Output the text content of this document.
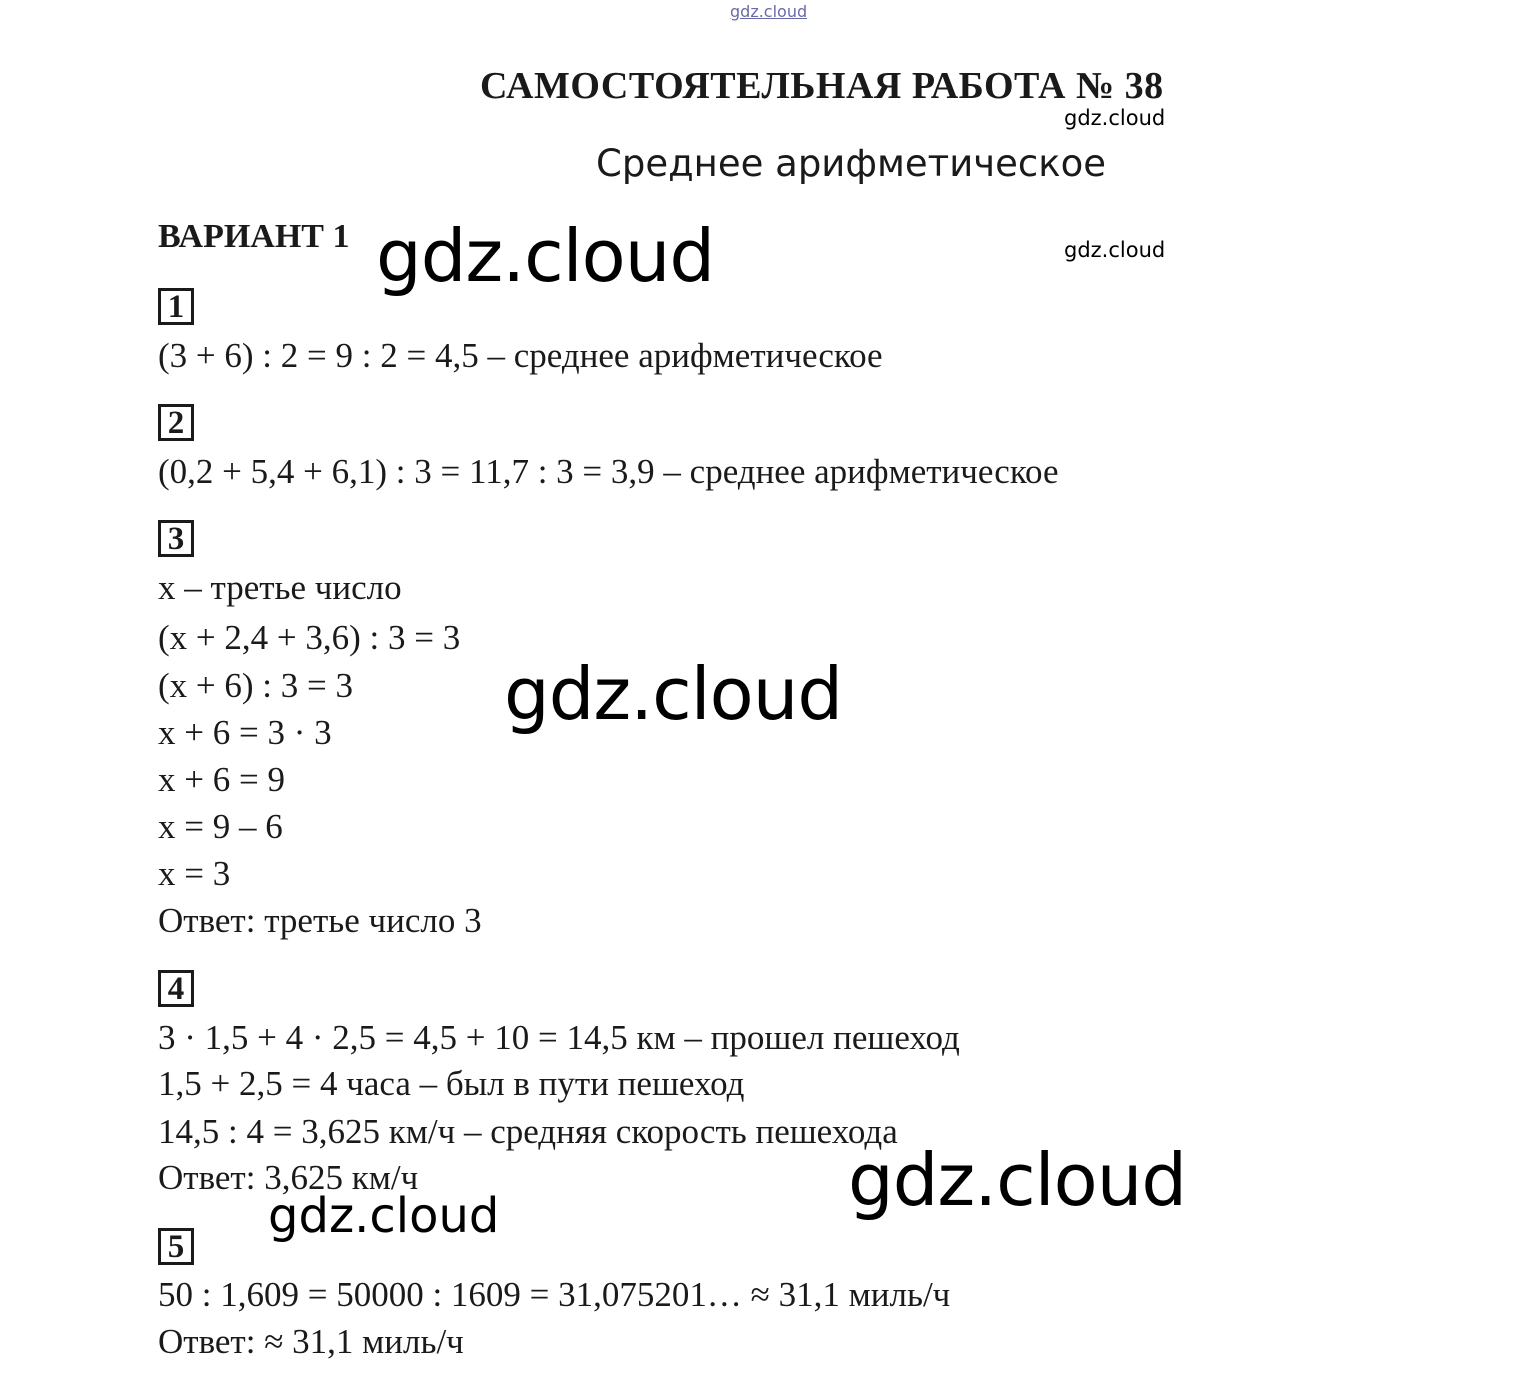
gdz.cloud
gdz.cloud
gdz.cloud
САМОСТОЯТЕЛЬНАЯ РАБОТА № 38
Среднее арифметическое
ВАРИАНТ 1
1
(3 + 6) : 2 = 9 : 2 = 4,5 – среднее арифметическое
2
(0,2 + 5,4 + 6,1) : 3 = 11,7 : 3 = 3,9 – среднее арифметическое
3
x – третье число
(x + 2,4 + 3,6) : 3 = 3
(x + 6) : 3 = 3
x + 6 = 3 · 3
x + 6 = 9
x = 9 – 6
x = 3
Ответ: третье число 3
4
3 · 1,5 + 4 · 2,5 = 4,5 + 10 = 14,5 км – прошел пешеход
1,5 + 2,5 = 4 часа – был в пути пешеход
14,5 : 4 = 3,625 км/ч – средняя скорость пешехода
Ответ: 3,625 км/ч
5
50 : 1,609 = 50000 : 1609 = 31,075201… ≈ 31,1 миль/ч
Ответ: ≈ 31,1 миль/ч
gdz.cloud
gdz.cloud
gdz.cloud
gdz.cloud
